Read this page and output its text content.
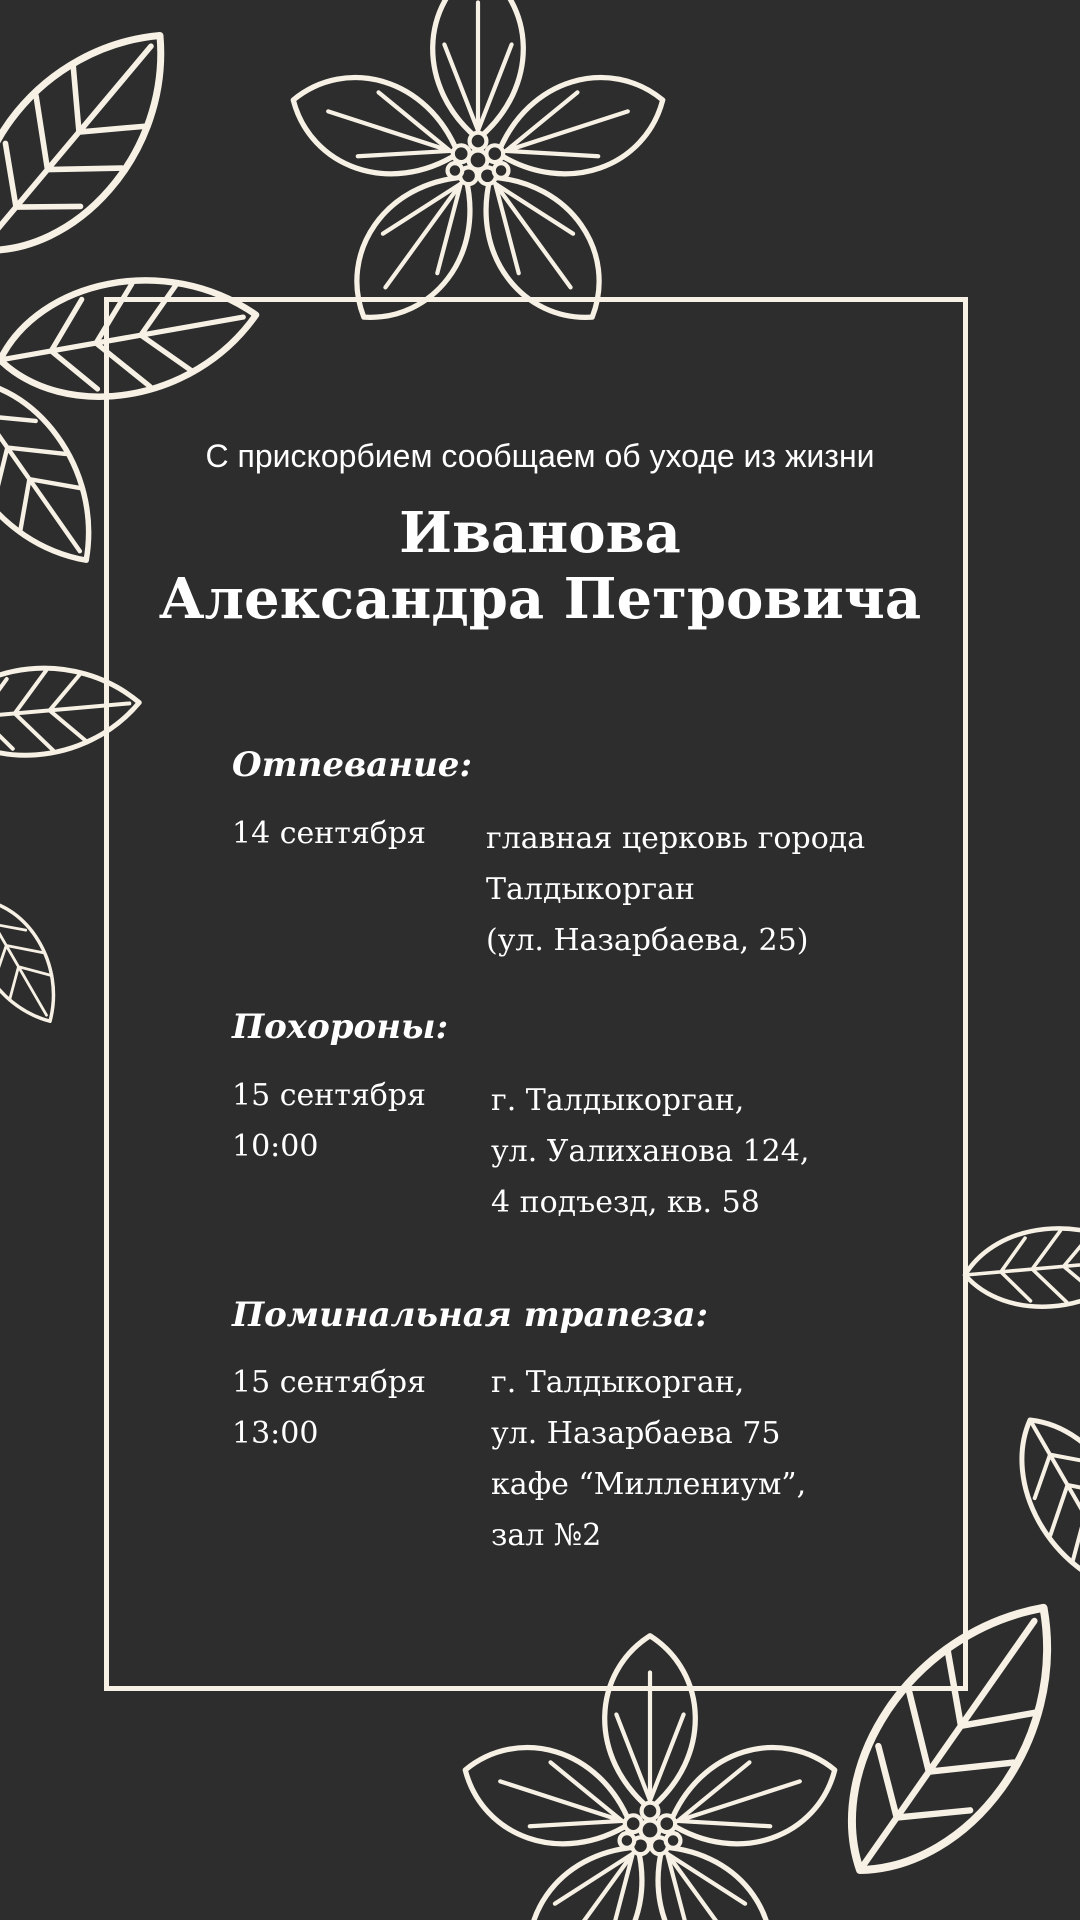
С прискорбием сообщаем об уходе из жизни
Иванова
Александра Петровича
Отпевание:
14 сентября главная церковь города
Талдыкорган
(ул. Назарбаева, 25)
Похороны:
15 сентября
10:00
г. Талдыкорган,
ул. Уалиханова 124,
4 подъезд, кв. 58
Поминальная трапеза:
15 сентября
13:00
г. Талдыкорган,
ул. Назарбаева 75
кафе “Миллениум”,
зал №2
